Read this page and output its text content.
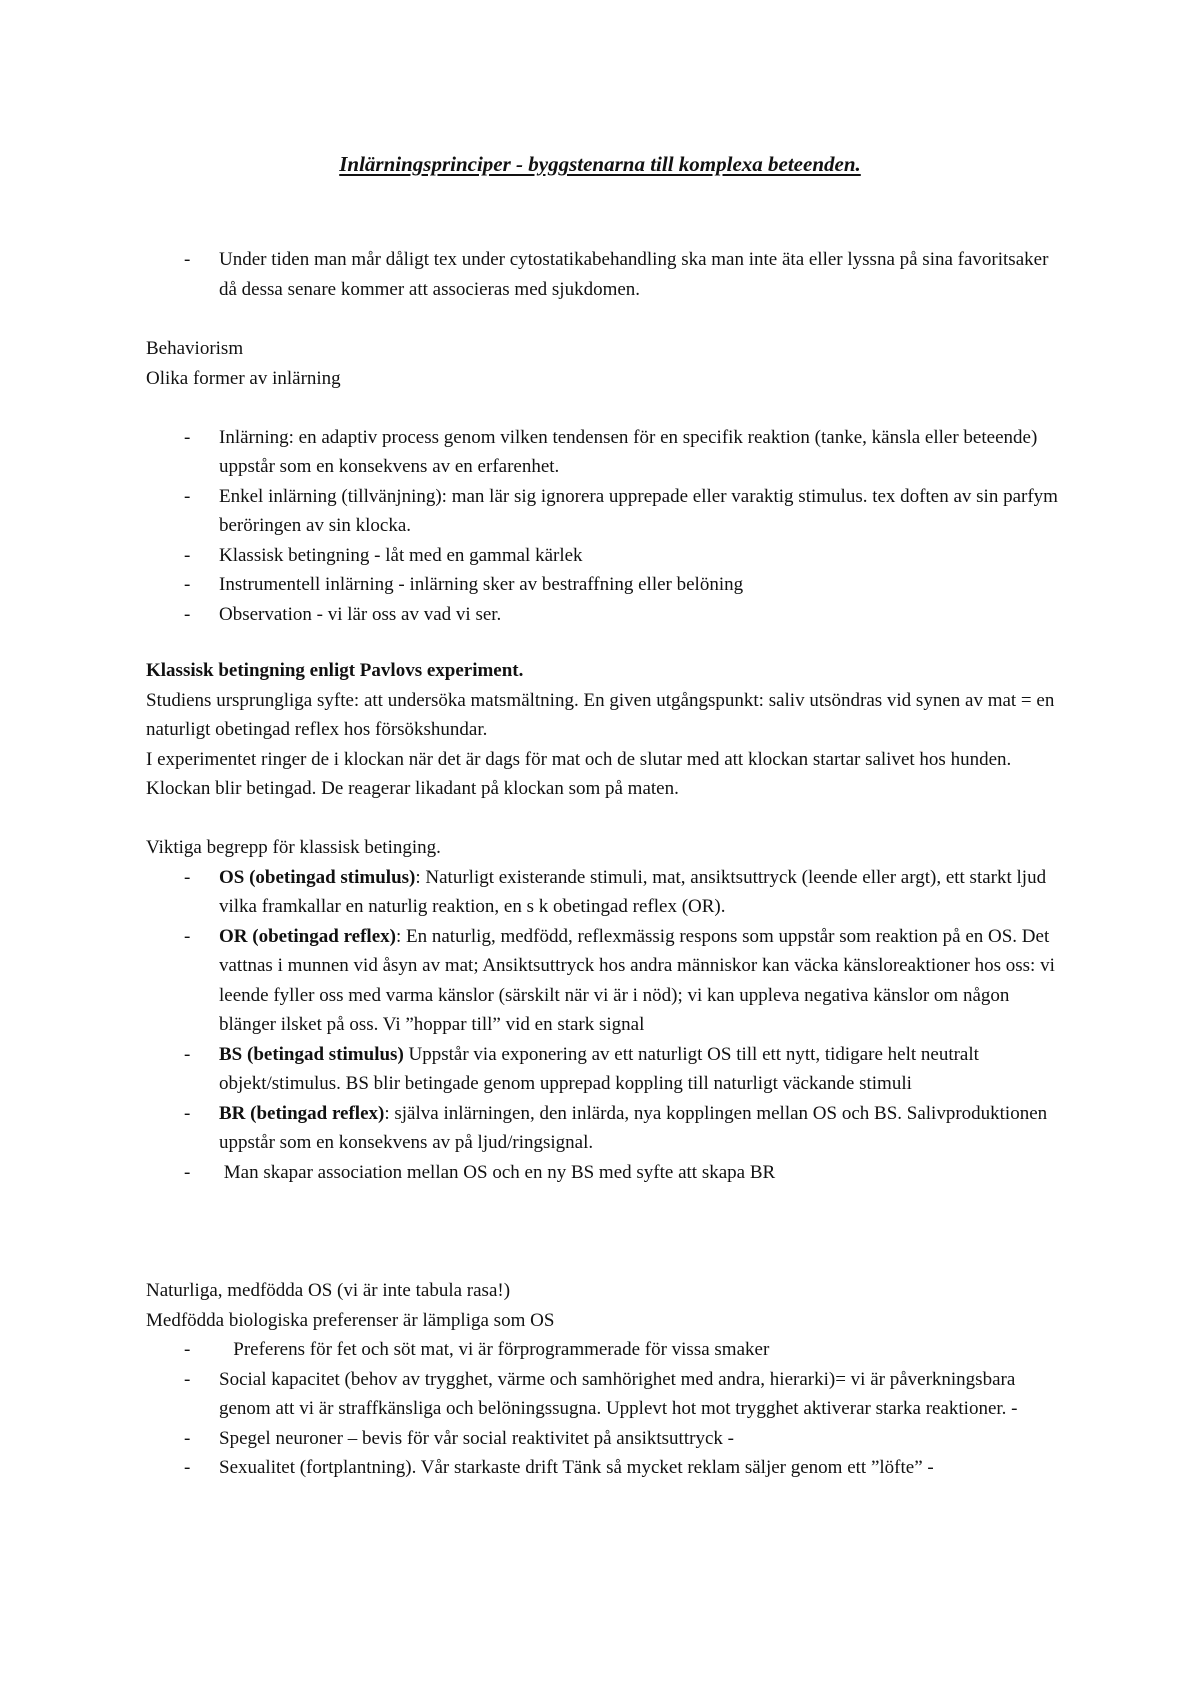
Inlärningsprinciper - byggstenarna till komplexa beteenden.
- Under tiden man mår dåligt tex under cytostatikabehandling ska man inte äta eller lyssna på sina favoritsaker då dessa senare kommer att associeras med sjukdomen.

Behaviorism

Olika former av inlärning

- Inlärning: en adaptiv process genom vilken tendensen för en specifik reaktion (tanke, känsla eller beteende) uppstår som en konsekvens av en erfarenhet.
- Enkel inlärning (tillvänjning): man lär sig ignorera upprepade eller varaktig stimulus. tex doften av sin parfym beröringen av sin klocka.
- Klassisk betingning - låt med en gammal kärlek
- Instrumentell inlärning - inlärning sker av bestraffning eller belöning
- Observation - vi lär oss av vad vi ser.

Klassisk betingning enligt Pavlovs experiment.

Studiens ursprungliga syfte: att undersöka matsmältning. En given utgångspunkt: saliv utsöndras vid synen av mat = en naturligt obetingad reflex hos försökshundar.

I experimentet ringer de i klockan när det är dags för mat och de slutar med att klockan startar salivet hos hunden. Klockan blir betingad. De reagerar likadant på klockan som på maten.

Viktiga begrepp för klassisk betinging.

- OS (obetingad stimulus): Naturligt existerande stimuli, mat, ansiktsuttryck (leende eller argt), ett starkt ljud vilka framkallar en naturlig reaktion, en s k obetingad reflex (OR).
- OR (obetingad reflex): En naturlig, medfödd, reflexmässig respons som uppstår som reaktion på en OS. Det vattnas i munnen vid åsyn av mat; Ansiktsuttryck hos andra människor kan väcka känsloreaktioner hos oss: vi leende fyller oss med varma känslor (särskilt när vi är i nöd); vi kan uppleva negativa känslor om någon blänger ilsket på oss. Vi ”hoppar till” vid en stark signal
- BS (betingad stimulus) Uppstår via exponering av ett naturligt OS till ett nytt, tidigare helt neutralt objekt/stimulus. BS blir betingade genom upprepad koppling till naturligt väckande stimuli
- BR (betingad reflex): själva inlärningen, den inlärda, nya kopplingen mellan OS och BS. Salivproduktionen uppstår som en konsekvens av på ljud/ringsignal.
- Man skapar association mellan OS och en ny BS med syfte att skapa BR

Naturliga, medfödda OS (vi är inte tabula rasa!)

Medfödda biologiska preferenser är lämpliga som OS

- Preferens för fet och söt mat, vi är förprogrammerade för vissa smaker
- Social kapacitet (behov av trygghet, värme och samhörighet med andra, hierarki)= vi är påverkningsbara genom att vi är straffkänsliga och belöningssugna. Upplevt hot mot trygghet aktiverar starka reaktioner. -
- Spegel neuroner – bevis för vår social reaktivitet på ansiktsuttryck -
- Sexualitet (fortplantning). Vår starkaste drift Tänk så mycket reklam säljer genom ett ”löfte” -
